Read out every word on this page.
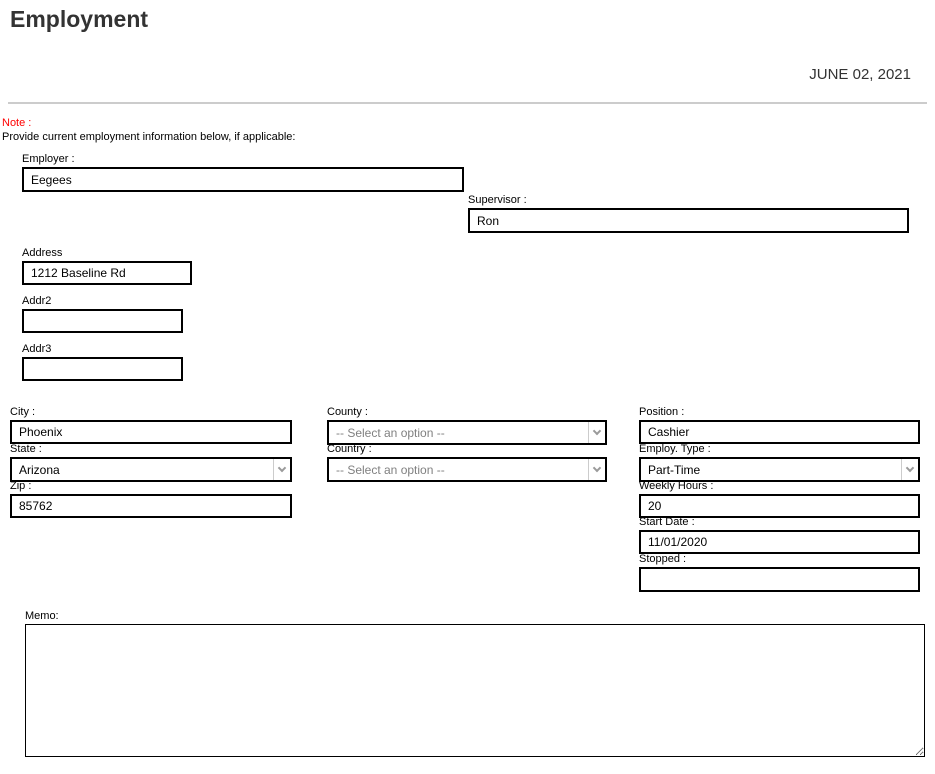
Employment
JUNE 02, 2021
Note :
Provide current employment information below, if applicable:
Employer :
Eegees
Supervisor :
Ron
Address
1212 Baseline Rd
Addr2
Addr3
City :
Phoenix
State :
Arizona
Zip :
85762
County :
-- Select an option --
Country :
-- Select an option --
Position :
Cashier
Employ. Type :
Part-Time
Weekly Hours :
20
Start Date :
11/01/2020
Stopped :
Memo:
